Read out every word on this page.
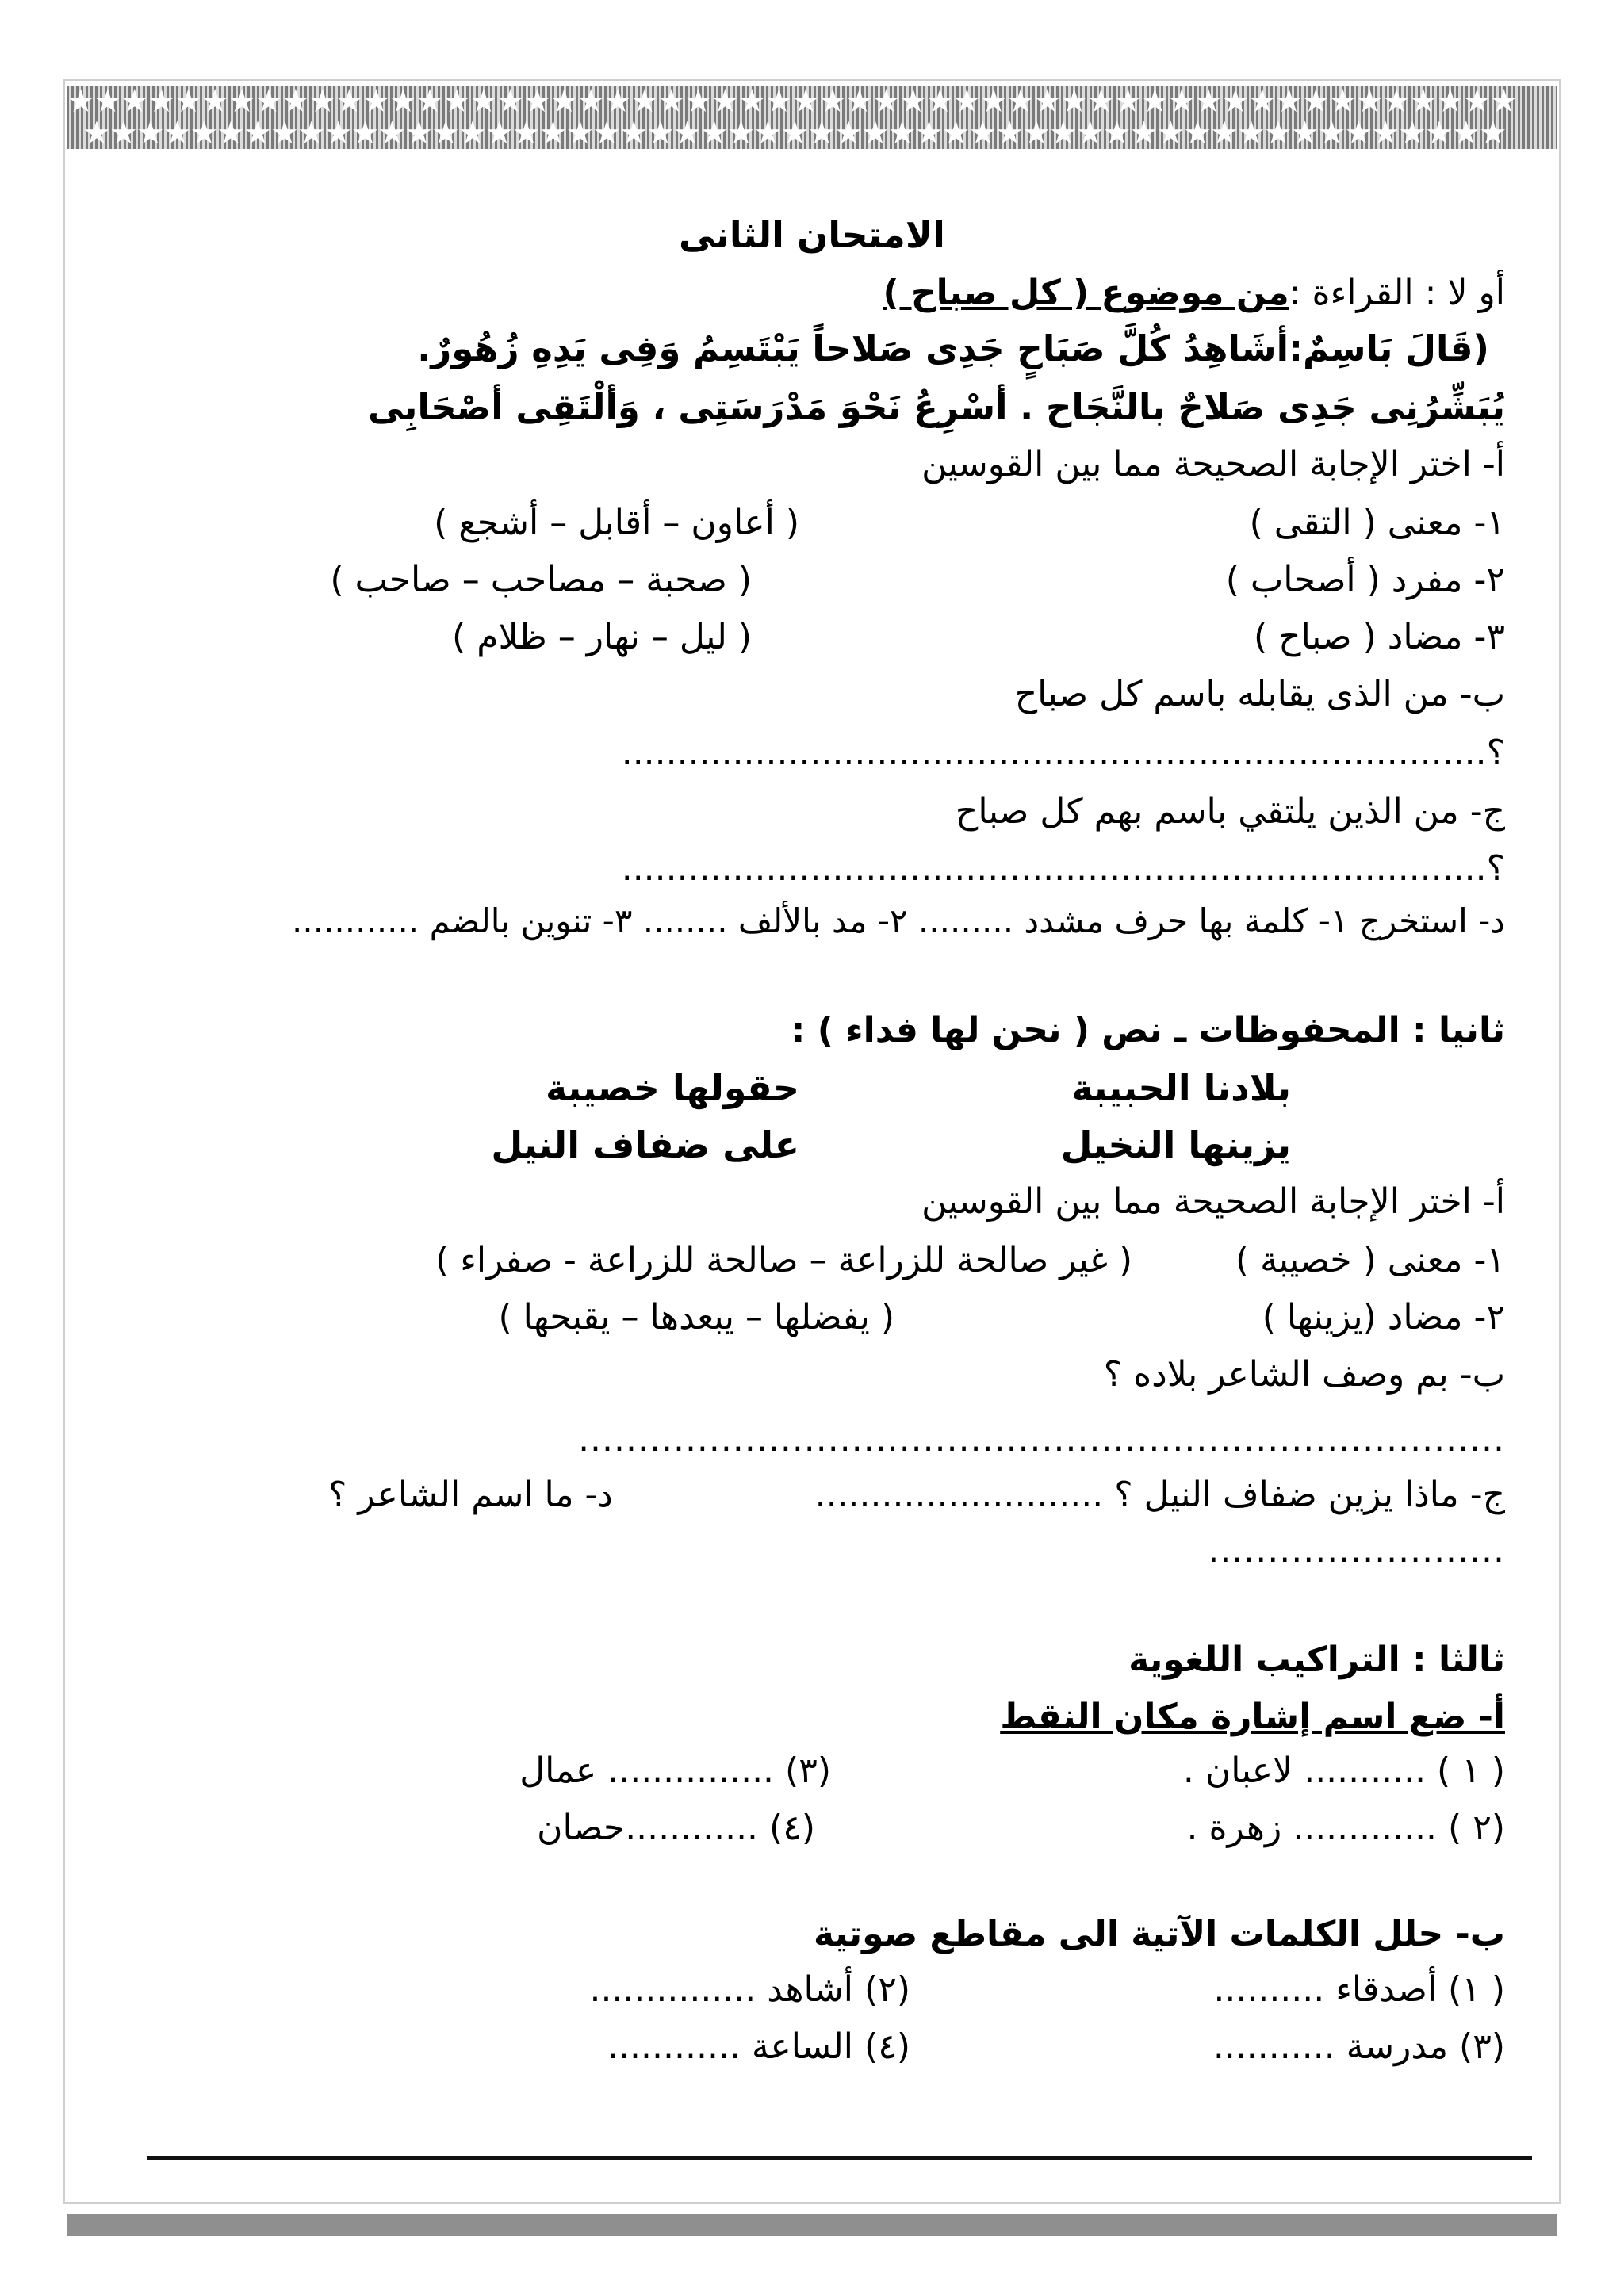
★★★★★★★★★★★★★★★★★★★★★★★★★★★★★★★★★★★★★★★★★★★★★★★★★★★★★★
★★★★★★★★★★★★★★★★★★★★★★★★★★★★★★★★★★★★★★★★★★★★★★★★★★★★★
الامتحان الثانى
أو لا : القراءة :من موضوع ( كل صباح )
(قَالَ بَاسِمٌ:أشَاهِدُ كُلَّ صَبَاحٍ جَدِى صَلاحاً يَبْتَسِمُ وَفِى يَدِهِ زُهُورٌ.
يُبَشِّرُنِى جَدِى صَلاحٌ بالنَّجَاح . أسْرِعُ نَحْوَ مَدْرَسَتِى ، وَألْتَقِى أصْحَابِى
أ- اختر الإجابة الصحيحة مما بين القوسين
١- معنى ( التقى )
( أعاون – أقابل – أشجع )
٢- مفرد ( أصحاب )
( صحبة – مصاحب – صاحب )
٣- مضاد ( صباح )
( ليل – نهار – ظلام )
ب- من الذى يقابله باسم كل صباح
؟..............................................................................
ج- من الذين يلتقي باسم بهم كل صباح
؟..............................................................................
د- استخرج ١- كلمة بها حرف مشدد ......... ٢- مد بالألف ........ ٣- تنوين بالضم ............
ثانيا : المحفوظات ـ نص ( نحن لها فداء ) :
بلادنا الحبيبة
حقولها خصيبة
يزينها النخيل
على ضفاف النيل
أ- اختر الإجابة الصحيحة مما بين القوسين
١- معنى ( خصيبة )
( غير صالحة للزراعة – صالحة للزراعة - صفراء )
٢- مضاد (يزينها )
( يفضلها – يبعدها – يقبحها )
ب- بم وصف الشاعر بلاده ؟
..............................................................................
ج- ماذا يزين ضفاف النيل ؟ ..........................
د- ما اسم الشاعر ؟
.........................
ثالثا : التراكيب اللغوية
أ- ضع اسم إشارة مكان النقط
( ١ ) ........... لاعبان .
(٣) ............... عمال
(٢ ) ............. زهرة .
(٤) ............حصان
ب- حلل الكلمات الآتية الى مقاطع صوتية
( ١) أصدقاء ..........
(٢) أشاهد ...............
(٣) مدرسة ...........
(٤) الساعة ............
